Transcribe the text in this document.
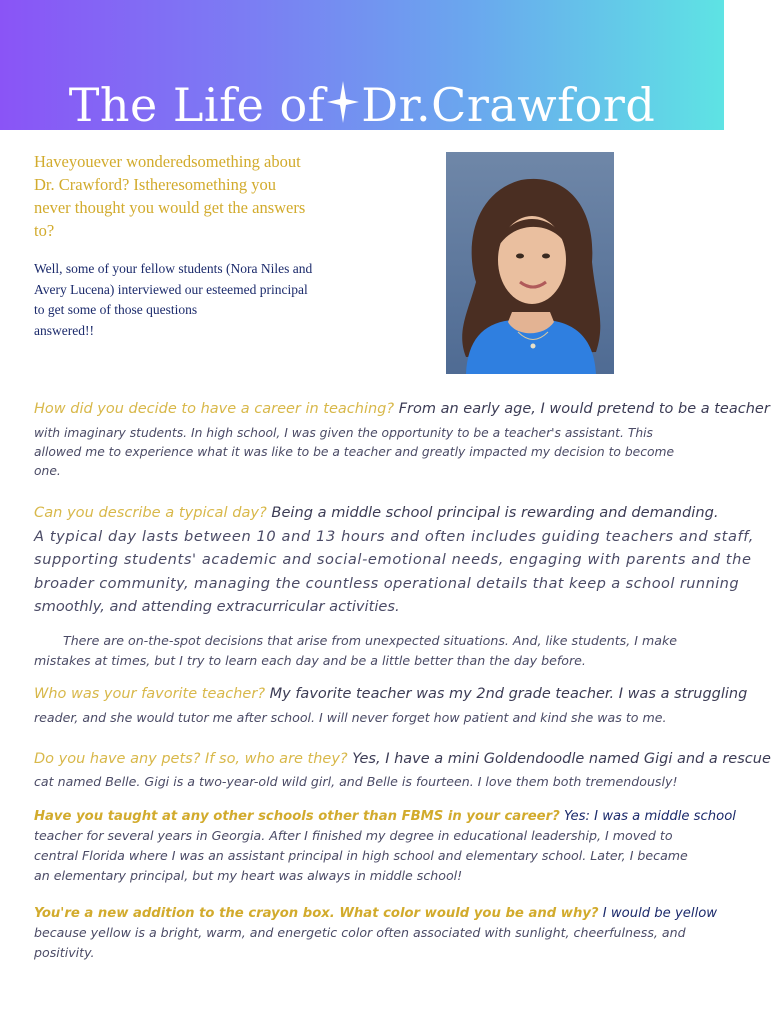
The Life of Dr.Crawford
Haveyouever wonderedsomething about
Dr. Crawford? Istheresomething you
never thought you would get the answers
to?
Well, some of your fellow students (Nora Niles and
Avery Lucena) interviewed our esteemed principal
to get some of those questions
answered!!
How did you decide to have a career in teaching? From an early age, I would pretend to be a teacher
with imaginary students. In high school, I was given the opportunity to be a teacher's assistant. This
allowed me to experience what it was like to be a teacher and greatly impacted my decision to become
one.
Can you describe a typical day? Being a middle school principal is rewarding and demanding.
A typical day lasts between 10 and 13 hours and often includes guiding teachers and staff,
supporting students' academic and social-emotional needs, engaging with parents and the
broader community, managing the countless operational details that keep a school running
smoothly, and attending extracurricular activities.
There are on-the-spot decisions that arise from unexpected situations. And, like students, I make
mistakes at times, but I try to learn each day and be a little better than the day before.
Who was your favorite teacher? My favorite teacher was my 2nd grade teacher. I was a struggling
reader, and she would tutor me after school. I will never forget how patient and kind she was to me.
Do you have any pets? If so, who are they? Yes, I have a mini Goldendoodle named Gigi and a rescue
cat named Belle. Gigi is a two-year-old wild girl, and Belle is fourteen. I love them both tremendously!
Have you taught at any other schools other than FBMS in your career? Yes: I was a middle school
teacher for several years in Georgia. After I finished my degree in educational leadership, I moved to
central Florida where I was an assistant principal in high school and elementary school. Later, I became
an elementary principal, but my heart was always in middle school!
You're a new addition to the crayon box. What color would you be and why? I would be yellow
because yellow is a bright, warm, and energetic color often associated with sunlight, cheerfulness, and
positivity.
